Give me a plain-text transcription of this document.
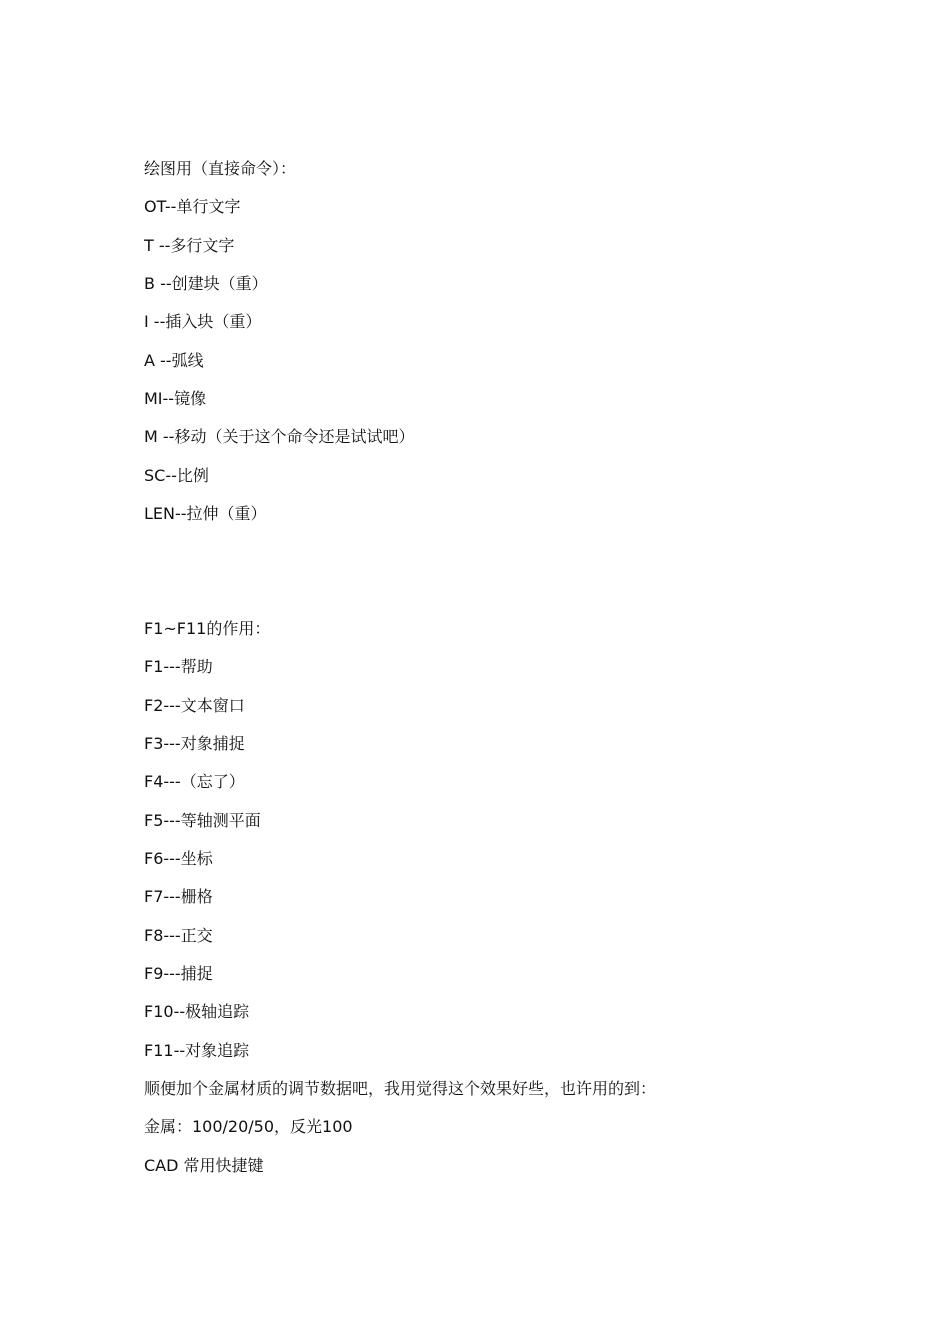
绘图用（直接命令）：
OT--单行文字
T --多行文字
B --创建块（重）
I --插入块（重）
A --弧线
MI--镜像
M --移动（关于这个命令还是试试吧）
SC--比例
LEN--拉伸（重）
F1~F11的作用：
F1---帮助
F2---文本窗口
F3---对象捕捉
F4---（忘了）
F5---等轴测平面
F6---坐标
F7---栅格
F8---正交
F9---捕捉
F10--极轴追踪
F11--对象追踪
顺便加个金属材质的调节数据吧，我用觉得这个效果好些，也许用的到：
金属：100/20/50，反光100
CAD 常用快捷键
